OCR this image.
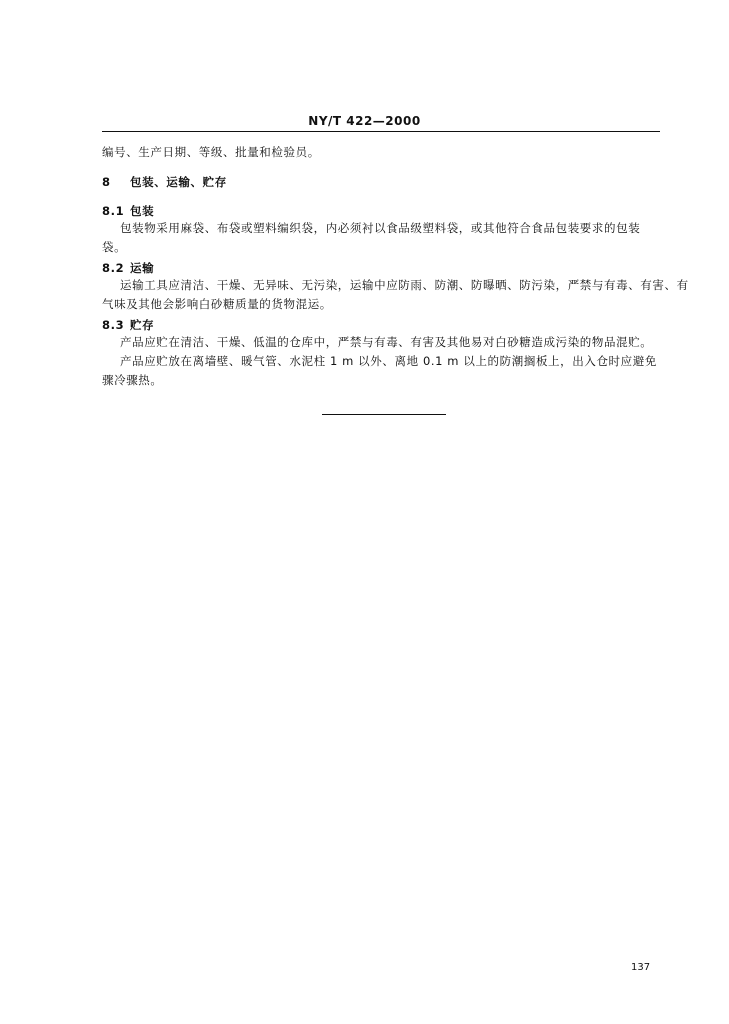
NY/T 422—2000
编号、生产日期、等级、批量和检验员。
8 包装、运输、贮存
8.1 包装
包装物采用麻袋、布袋或塑料编织袋，内必须衬以食品级塑料袋，或其他符合食品包装要求的包装
袋。
8.2 运输
运输工具应清洁、干燥、无异味、无污染，运输中应防雨、防潮、防曝晒、防污染，严禁与有毒、有害、有
气味及其他会影响白砂糖质量的货物混运。
8.3 贮存
产品应贮在清洁、干燥、低温的仓库中，严禁与有毒、有害及其他易对白砂糖造成污染的物品混贮。
产品应贮放在离墙壁、暖气管、水泥柱 1 m 以外、离地 0.1 m 以上的防潮搁板上，出入仓时应避免
骤冷骤热。
137
